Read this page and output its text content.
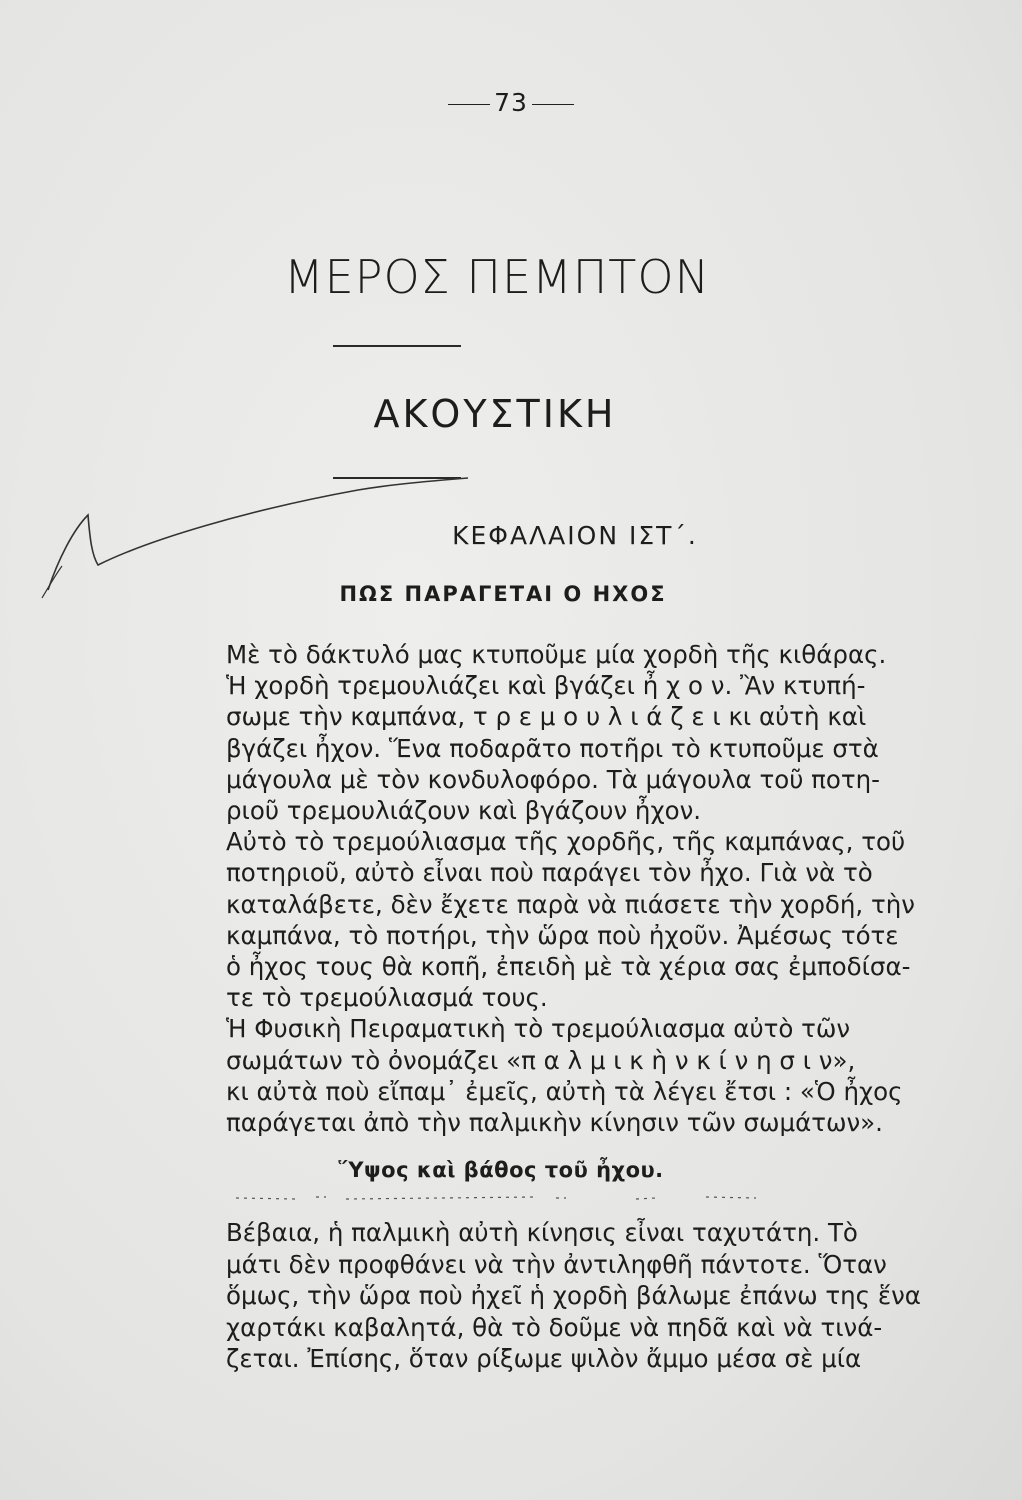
73
ΜΕΡΟΣ ΠΕΜΠΤΟΝ
ΑΚΟΥΣΤΙΚΗ
ΚΕΦΑΛΑΙΟΝ ΙΣΤ΄.
ΠΩΣ ΠΑΡΑΓΕΤΑΙ Ο ΗΧΟΣ
Μὲ τὸ δάκτυλό μας κτυποῦμε μία χορδὴ τῆς κιθάρας.
Ἡ χορδὴ τρεμουλιάζει καὶ βγάζει ἦ χ ο ν. Ἂν κτυπή-
σωμε τὴν καμπάνα, τ ρ ε μ ο υ λ ι ά ζ ε ι κι αὐτὴ καὶ
βγάζει ἦχον. Ἕνα ποδαρᾶτο ποτῆρι τὸ κτυποῦμε στὰ
μάγουλα μὲ τὸν κονδυλοφόρο. Τὰ μάγουλα τοῦ ποτη-
ριοῦ τρεμουλιάζουν καὶ βγάζουν ἦχον.
Αὐτὸ τὸ τρεμούλιασμα τῆς χορδῆς, τῆς καμπάνας, τοῦ
ποτηριοῦ, αὐτὸ εἶναι ποὺ παράγει τὸν ἦχο. Γιὰ νὰ τὸ
καταλάβετε, δὲν ἔχετε παρὰ νὰ πιάσετε τὴν χορδή, τὴν
καμπάνα, τὸ ποτήρι, τὴν ὥρα ποὺ ἠχοῦν. Ἀμέσως τότε
ὁ ἦχος τους θὰ κοπῆ, ἐπειδὴ μὲ τὰ χέρια σας ἐμποδίσα-
τε τὸ τρεμούλιασμά τους.
Ἡ Φυσικὴ Πειραματικὴ τὸ τρεμούλιασμα αὐτὸ τῶν
σωμάτων τὸ ὀνομάζει «π α λ μ ι κ ὴ ν κ ί ν η σ ι ν»,
κι αὐτὰ ποὺ εἴπαμ᾿ ἐμεῖς, αὐτὴ τὰ λέγει ἔτσι : «Ὁ ἦχος
παράγεται ἀπὸ τὴν παλμικὴν κίνησιν τῶν σωμάτων».
Ὕψος καὶ βάθος τοῦ ἦχου.
Βέβαια, ἡ παλμικὴ αὐτὴ κίνησις εἶναι ταχυτάτη. Τὸ
μάτι δὲν προφθάνει νὰ τὴν ἀντιληφθῆ πάντοτε. Ὅταν
ὅμως, τὴν ὥρα ποὺ ἠχεῖ ἡ χορδὴ βάλωμε ἐπάνω της ἕνα
χαρτάκι καβαλητά, θὰ τὸ δοῦμε νὰ πηδᾶ καὶ νὰ τινά-
ζεται. Ἐπίσης, ὅταν ρίξωμε ψιλὸν ἄμμο μέσα σὲ μία
